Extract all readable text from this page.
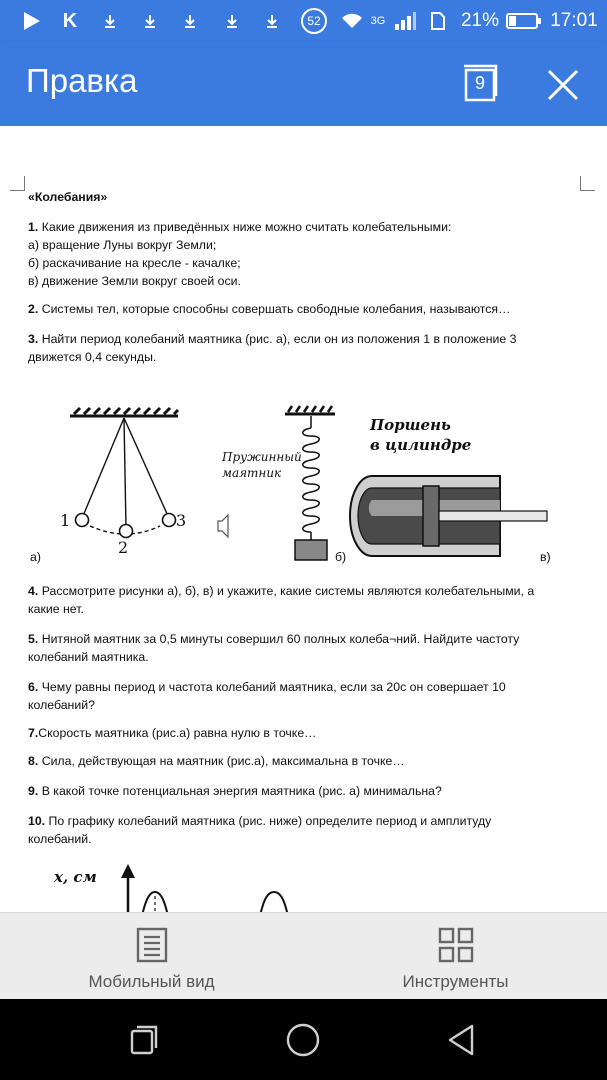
K	52	3G	21%	17:01
Правка	9

«Колебания»

1. Какие движения из приведённых ниже можно считать колебательными:

а) вращение Луны вокруг Земли;

б) раскачивание на кресле - качалке;

в) движение Земли вокруг своей оси.

2. Системы тел, которые способны совершать свободные колебания, называются…

3. Найти период колебаний маятника (рис. а), если он из положения 1 в положение 3

движется 0,4 секунды.

а)	б)	в)
1
2
3
Пружинный
маятник
Поршень
в цилиндре

4. Рассмотрите рисунки а), б), в) и укажите, какие системы являются колебательными, а

какие нет.

5. Нитяной маятник за 0,5 минуты совершил 60 полных колеба¬ний. Найдите частоту

колебаний маятника.

6. Чему равны период и частота колебаний маятника, если за 20с он совершает 10

колебаний?

7.Скорость маятника (рис.а) равна нулю в точке…

8. Сила, действующая на маятник (рис.а), максимальна в точке…

9. В какой точке потенциальная энергия маятника (рис. а) минимальна?

10. По графику колебаний маятника (рис. ниже) определите период и амплитуду

колебаний.

x, см
Мобильный вид	Инструменты
